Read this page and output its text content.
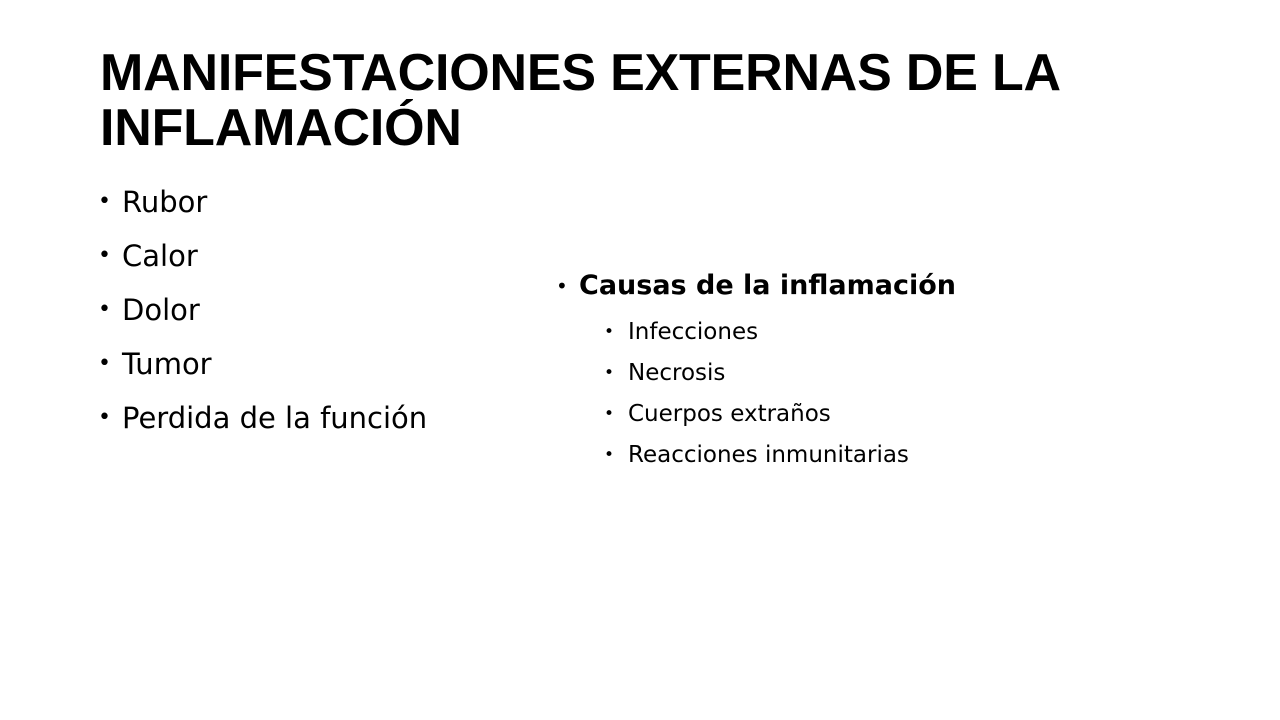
MANIFESTACIONES EXTERNAS DE LA INFLAMACIÓN
• Rubor
• Calor
• Dolor
• Tumor
• Perdida de la función
• Causas de la inflamación
• Infecciones
• Necrosis
• Cuerpos extraños
• Reacciones inmunitarias
